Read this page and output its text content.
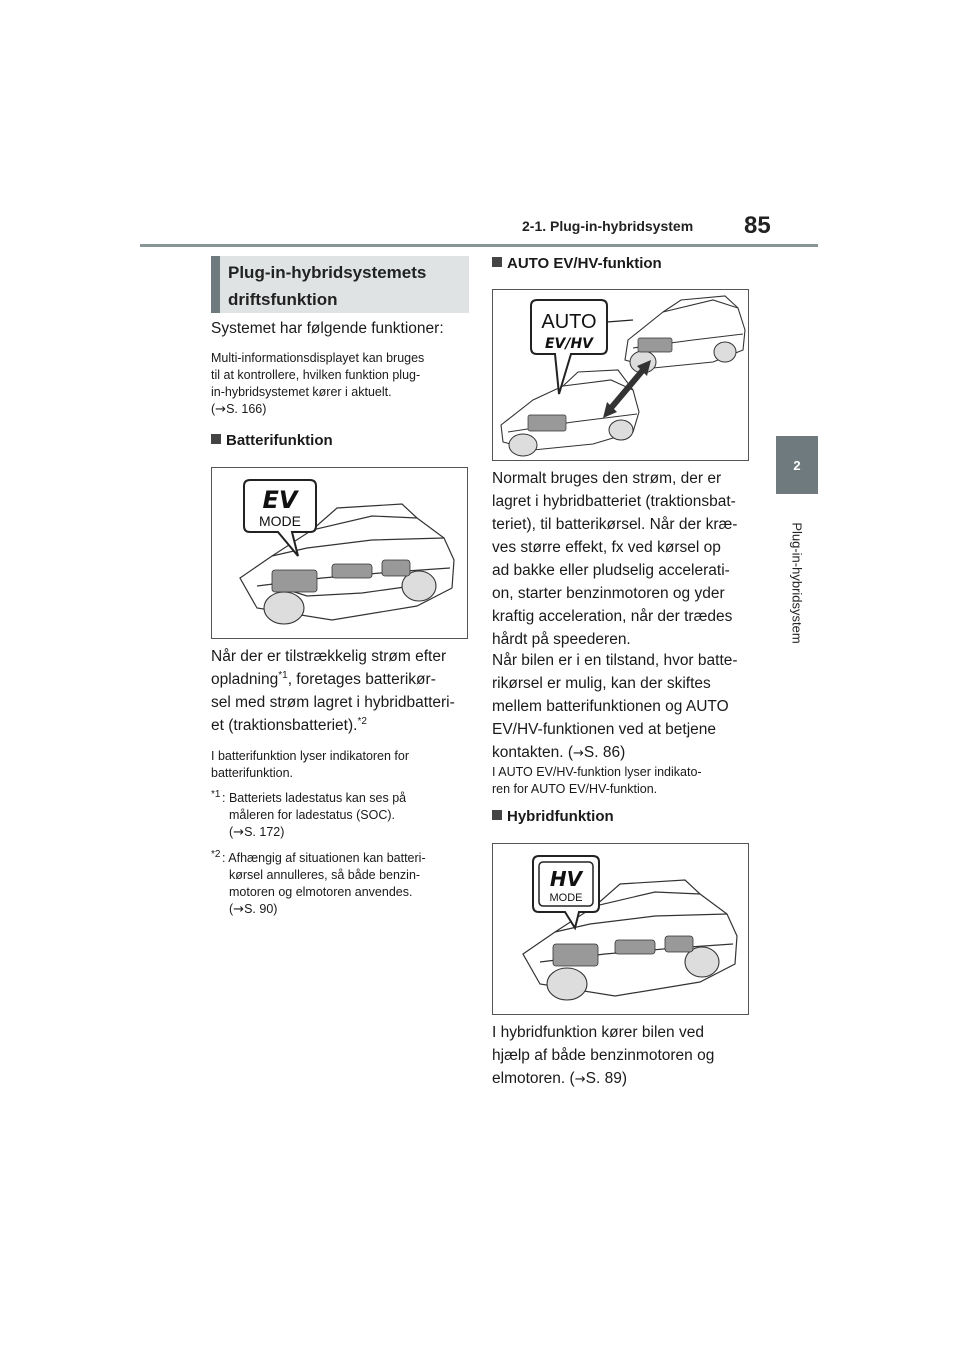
2-1. Plug-in-hybridsystem 85
2
Plug-in-hybridsystem
Plug-in-hybridsystemets
driftsfunktion
Systemet har følgende funktioner:
Multi-informationsdisplayet kan bruges
til at kontrollere, hvilken funktion plug-
in-hybridsystemet kører i aktuelt.
(→S. 166)
Batterifunktion
EV
MODE
Når der er tilstrækkelig strøm efter
opladning$^{*1}$, foretages batterikør-
sel med strøm lagret i hybridbatteri-
et (traktionsbatteriet).$^{*2}$
I batterifunktion lyser indikatoren for
batterifunktion.
$^{*1}$ : Batteriets ladestatus kan ses på
måleren for ladestatus (SOC).
(→S. 172)
$^{*2}$ : Afhængig af situationen kan batteri-
kørsel annulleres, så både benzin-
motoren og elmotoren anvendes.
(→S. 90)
AUTO EV/HV-funktion
AUTO
EV/HV
Normalt bruges den strøm, der er
lagret i hybridbatteriet (traktionsbat-
teriet), til batterikørsel. Når der kræ-
ves større effekt, fx ved kørsel op
ad bakke eller pludselig accelerati-
on, starter benzinmotoren og yder
kraftig acceleration, når der trædes
hårdt på speederen.
Når bilen er i en tilstand, hvor batte-
rikørsel er mulig, kan der skiftes
mellem batterifunktionen og AUTO
EV/HV-funktionen ved at betjene
kontakten. (→S. 86)
I AUTO EV/HV-funktion lyser indikato-
ren for AUTO EV/HV-funktion.
Hybridfunktion
HV
MODE
I hybridfunktion kører bilen ved
hjælp af både benzinmotoren og
elmotoren. (→S. 89)
